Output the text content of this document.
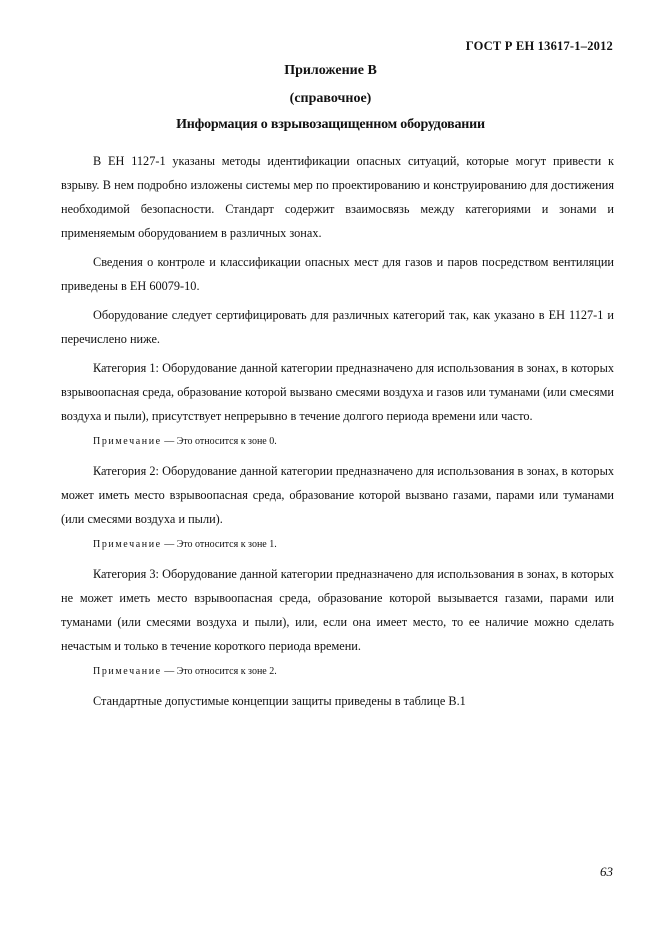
ГОСТ Р ЕН 13617-1–2012
Приложение В
(справочное)
Информация о взрывозащищенном оборудовании

В ЕН 1127-1 указаны методы идентификации опасных ситуаций, которые могут привести к взрыву. В нем подробно изложены системы мер по проектированию и конструированию для достижения необходимой безопасности. Стандарт содержит взаимосвязь между категориями и зонами и применяемым оборудованием в различных зонах.

Сведения о контроле и классификации опасных мест для газов и паров посредством вентиляции приведены в ЕН 60079-10.

Оборудование следует сертифицировать для различных категорий так, как указано в ЕН 1127-1 и перечислено ниже.

Категория 1: Оборудование данной категории предназначено для использования в зонах, в которых взрывоопасная среда, образование которой вызвано смесями воздуха и газов или туманами (или смесями воздуха и пыли), присутствует непрерывно в течение долгого периода времени или часто.

Примечание — Это относится к зоне 0.

Категория 2: Оборудование данной категории предназначено для использования в зонах, в которых может иметь место взрывоопасная среда, образование которой вызвано газами, парами или туманами (или смесями воздуха и пыли).

Примечание — Это относится к зоне 1.

Категория 3: Оборудование данной категории предназначено для использования в зонах, в которых не может иметь место взрывоопасная среда, образование которой вызывается газами, парами или туманами (или смесями воздуха и пыли), или, если она имеет место, то ее наличие можно сделать нечастым и только в течение короткого периода времени.

Примечание — Это относится к зоне 2.

Стандартные допустимые концепции защиты приведены в таблице В.1

63
